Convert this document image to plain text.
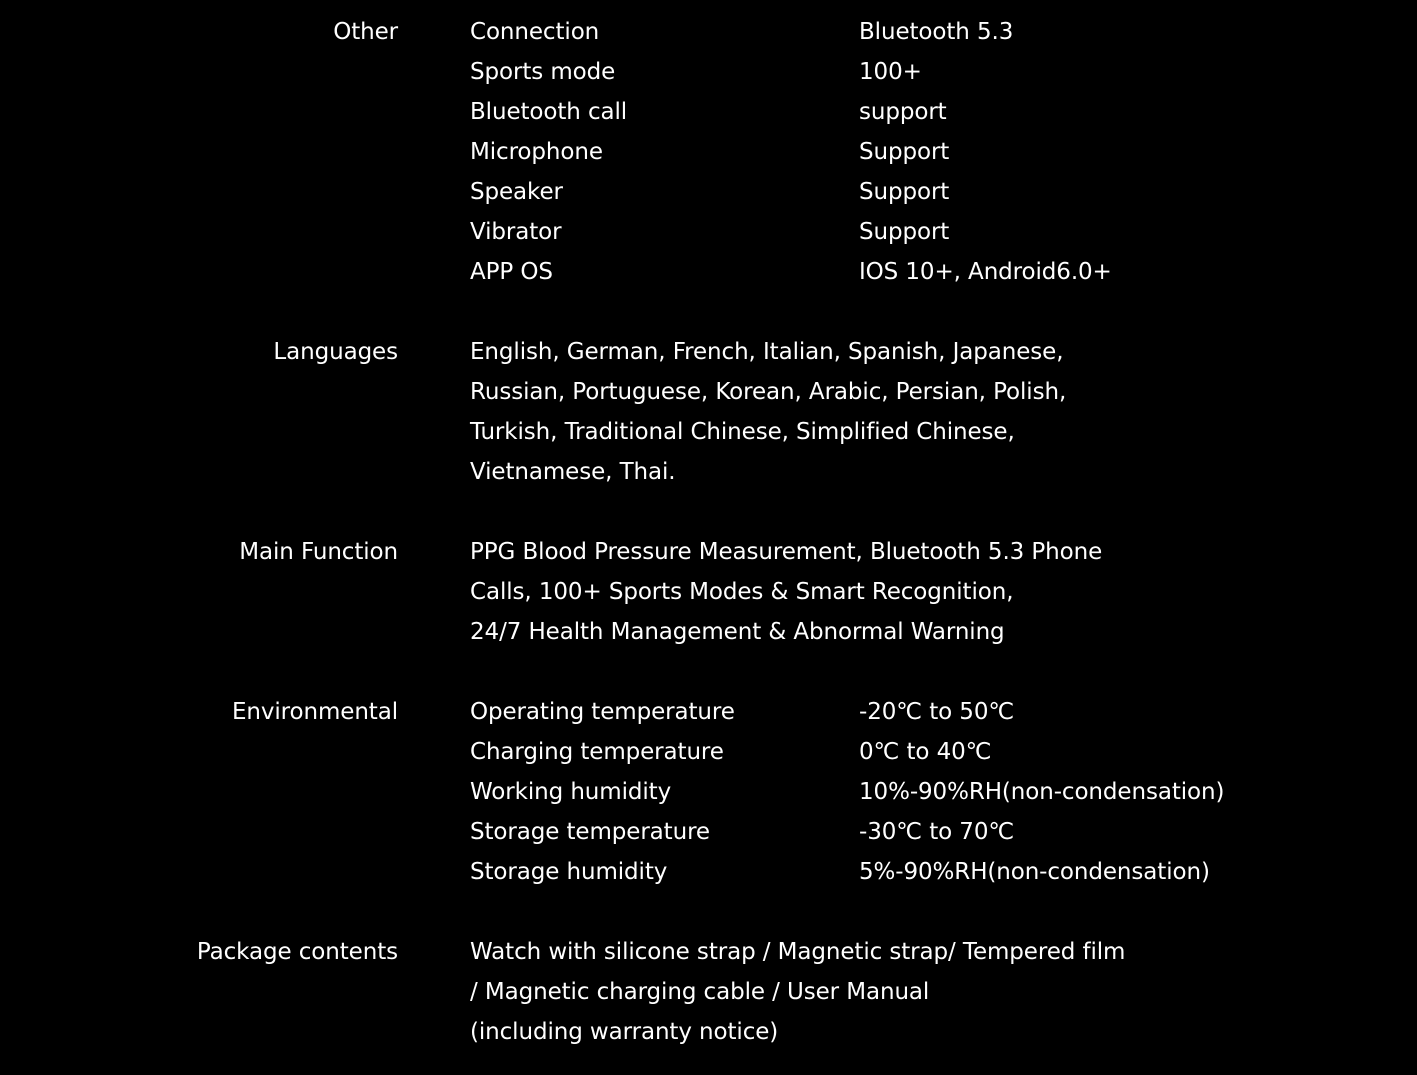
Other	Connection	Bluetooth 5.3
Sports mode	100+
Bluetooth call	support
Microphone	Support
Speaker	Support
Vibrator	Support
APP OS	IOS 10+, Android6.0+
Languages	English, German, French, Italian, Spanish, Japanese,
Russian, Portuguese, Korean, Arabic, Persian, Polish,
Turkish, Traditional Chinese, Simplified Chinese,
Vietnamese, Thai.
Main Function	PPG Blood Pressure Measurement, Bluetooth 5.3 Phone
Calls, 100+ Sports Modes & Smart Recognition,
24/7 Health Management & Abnormal Warning
Environmental	Operating temperature	-20℃ to 50℃
Charging temperature	0℃ to 40℃
Working humidity	10%-90%RH(non-condensation)
Storage temperature	-30℃ to 70℃
Storage humidity	5%-90%RH(non-condensation)
Package contents	Watch with silicone strap / Magnetic strap/ Tempered film
/ Magnetic charging cable / User Manual
(including warranty notice)
